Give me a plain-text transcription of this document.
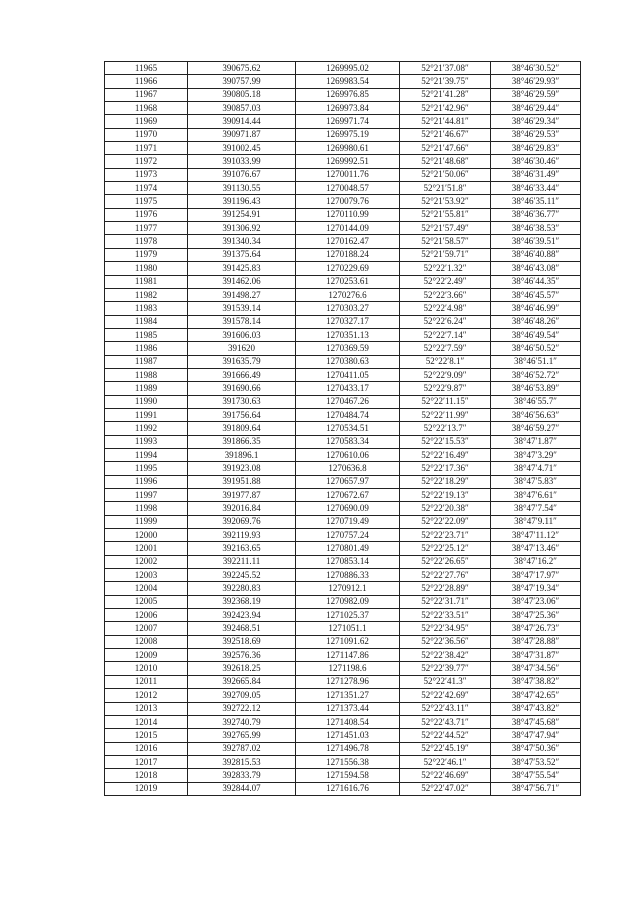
11965	390675.62	1269995.02	52°21′37.08″	38°46′30.52″
11966	390757.99	1269983.54	52°21′39.75″	38°46′29.93″
11967	390805.18	1269976.85	52°21′41.28″	38°46′29.59″
11968	390857.03	1269973.84	52°21′42.96″	38°46′29.44″
11969	390914.44	1269971.74	52°21′44.81″	38°46′29.34″
11970	390971.87	1269975.19	52°21′46.67″	38°46′29.53″
11971	391002.45	1269980.61	52°21′47.66″	38°46′29.83″
11972	391033.99	1269992.51	52°21′48.68″	38°46′30.46″
11973	391076.67	1270011.76	52°21′50.06″	38°46′31.49″
11974	391130.55	1270048.57	52°21′51.8″	38°46′33.44″
11975	391196.43	1270079.76	52°21′53.92″	38°46′35.11″
11976	391254.91	1270110.99	52°21′55.81″	38°46′36.77″
11977	391306.92	1270144.09	52°21′57.49″	38°46′38.53″
11978	391340.34	1270162.47	52°21′58.57″	38°46′39.51″
11979	391375.64	1270188.24	52°21′59.71″	38°46′40.88″
11980	391425.83	1270229.69	52°22′1.32″	38°46′43.08″
11981	391462.06	1270253.61	52°22′2.49″	38°46′44.35″
11982	391498.27	1270276.6	52°22′3.66″	38°46′45.57″
11983	391539.14	1270303.27	52°22′4.98″	38°46′46.99″
11984	391578.14	1270327.17	52°22′6.24″	38°46′48.26″
11985	391606.03	1270351.13	52°22′7.14″	38°46′49.54″
11986	391620	1270369.59	52°22′7.59″	38°46′50.52″
11987	391635.79	1270380.63	52°22′8.1″	38°46′51.1″
11988	391666.49	1270411.05	52°22′9.09″	38°46′52.72″
11989	391690.66	1270433.17	52°22′9.87″	38°46′53.89″
11990	391730.63	1270467.26	52°22′11.15″	38°46′55.7″
11991	391756.64	1270484.74	52°22′11.99″	38°46′56.63″
11992	391809.64	1270534.51	52°22′13.7″	38°46′59.27″
11993	391866.35	1270583.34	52°22′15.53″	38°47′1.87″
11994	391896.1	1270610.06	52°22′16.49″	38°47′3.29″
11995	391923.08	1270636.8	52°22′17.36″	38°47′4.71″
11996	391951.88	1270657.97	52°22′18.29″	38°47′5.83″
11997	391977.87	1270672.67	52°22′19.13″	38°47′6.61″
11998	392016.84	1270690.09	52°22′20.38″	38°47′7.54″
11999	392069.76	1270719.49	52°22′22.09″	38°47′9.11″
12000	392119.93	1270757.24	52°22′23.71″	38°47′11.12″
12001	392163.65	1270801.49	52°22′25.12″	38°47′13.46″
12002	392211.11	1270853.14	52°22′26.65″	38°47′16.2″
12003	392245.52	1270886.33	52°22′27.76″	38°47′17.97″
12004	392280.83	1270912.1	52°22′28.89″	38°47′19.34″
12005	392368.19	1270982.09	52°22′31.71″	38°47′23.06″
12006	392423.94	1271025.37	52°22′33.51″	38°47′25.36″
12007	392468.51	1271051.1	52°22′34.95″	38°47′26.73″
12008	392518.69	1271091.62	52°22′36.56″	38°47′28.88″
12009	392576.36	1271147.86	52°22′38.42″	38°47′31.87″
12010	392618.25	1271198.6	52°22′39.77″	38°47′34.56″
12011	392665.84	1271278.96	52°22′41.3″	38°47′38.82″
12012	392709.05	1271351.27	52°22′42.69″	38°47′42.65″
12013	392722.12	1271373.44	52°22′43.11″	38°47′43.82″
12014	392740.79	1271408.54	52°22′43.71″	38°47′45.68″
12015	392765.99	1271451.03	52°22′44.52″	38°47′47.94″
12016	392787.02	1271496.78	52°22′45.19″	38°47′50.36″
12017	392815.53	1271556.38	52°22′46.1″	38°47′53.52″
12018	392833.79	1271594.58	52°22′46.69″	38°47′55.54″
12019	392844.07	1271616.76	52°22′47.02″	38°47′56.71″
